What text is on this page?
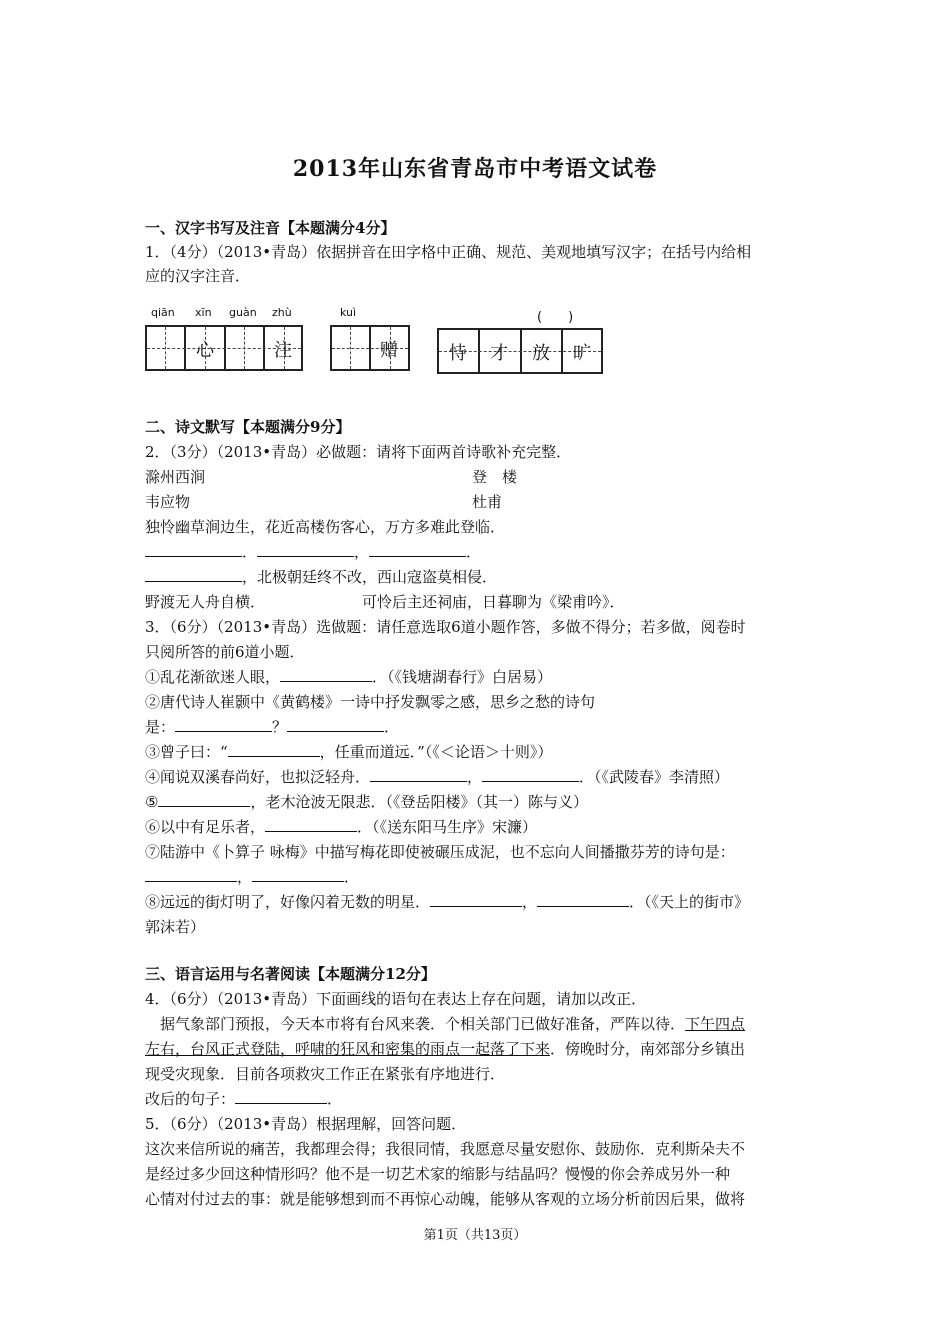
2013年山东省青岛市中考语文试卷
一、汉字书写及注音【本题满分4分】
1．（4分）（2013•青岛）依据拼音在田字格中正确、规范、美观地填写汉字；在括号内给相
应的汉字注音．
qiān xīn guàn zhù
心	注
kuì
赠
(　　)
恃 才 放 旷
二、诗文默写【本题满分9分】
2．（3分）（2013•青岛）必做题：请将下面两首诗歌补充完整．
滁州西涧	登　楼
韦应物	杜甫
独怜幽草涧边生，花近高楼伤客心，万方多难此登临．
．	，	．
，北极朝廷终不改，西山寇盗莫相侵．
野渡无人舟自横．	可怜后主还祠庙，日暮聊为《梁甫吟》．
3．（6分）（2013•青岛）选做题：请任意选取6道小题作答，多做不得分；若多做，阅卷时
只阅所答的前6道小题．
①乱花渐欲迷人眼，	．（《钱塘湖春行》白居易）
②唐代诗人崔颢中《黄鹤楼》一诗中抒发飘零之感，思乡之愁的诗句
是：	？	．
③曾子曰：“	，任重而道远．”（《＜论语＞十则》）
④闻说双溪春尚好，也拟泛轻舟．	，	．（《武陵春》李清照）
⑤	，老木沧波无限悲．（《登岳阳楼》（其一）陈与义）
⑥以中有足乐者，	．（《送东阳马生序》宋濂）
⑦陆游中《卜算子 咏梅》中描写梅花即使被碾压成泥，也不忘向人间播撒芬芳的诗句是：
，	．
⑧远远的街灯明了，好像闪着无数的明星．	，	．（《天上的街市》
郭沫若）
三、语言运用与名著阅读【本题满分12分】
4．（6分）（2013•青岛）下面画线的语句在表达上存在问题，请加以改正．
　据气象部门预报，今天本市将有台风来袭．个相关部门已做好准备，严阵以待．下午四点
左右，台风正式登陆，呼啸的狂风和密集的雨点一起落了下来．傍晚时分，南郊部分乡镇出
现受灾现象．目前各项救灾工作正在紧张有序地进行．
改后的句子：	．
5．（6分）（2013•青岛）根据理解，回答问题．
这次来信所说的痛苦，我都理会得；我很同情，我愿意尽量安慰你、鼓励你．克利斯朵夫不
是经过多少回这种情形吗？他不是一切艺术家的缩影与结晶吗？慢慢的你会养成另外一种
心情对付过去的事：就是能够想到而不再惊心动魄，能够从客观的立场分析前因后果，做将
第1页（共13页）
